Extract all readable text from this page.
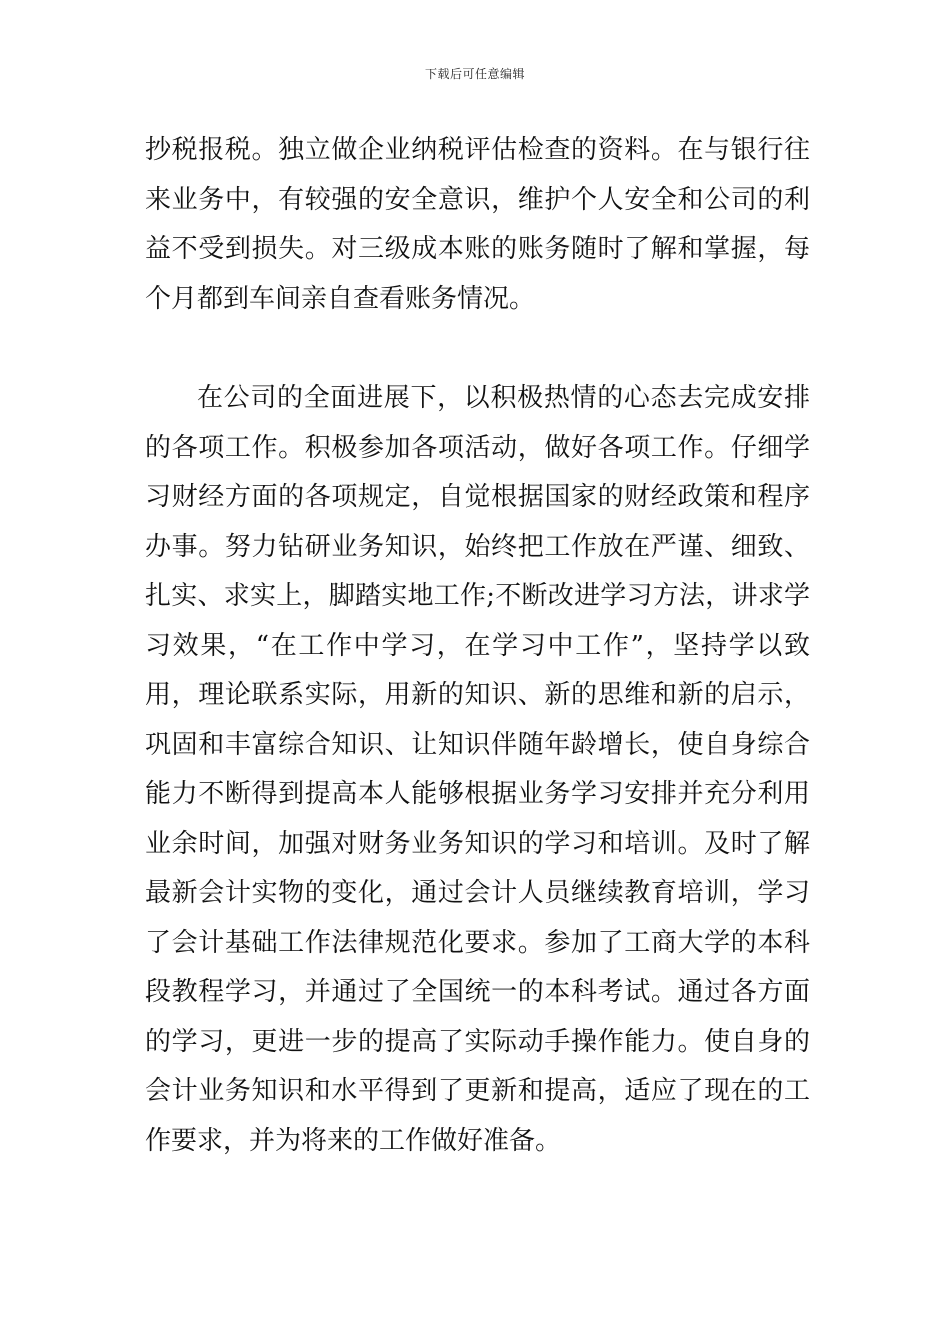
下载后可任意编辑

抄税报税。独立做企业纳税评估检查的资料。在与银行往来业务中，有较强的安全意识，维护个人安全和公司的利益不受到损失。对三级成本账的账务随时了解和掌握，每个月都到车间亲自查看账务情况。

在公司的全面进展下，以积极热情的心态去完成安排的各项工作。积极参加各项活动，做好各项工作。仔细学习财经方面的各项规定，自觉根据国家的财经政策和程序办事。努力钻研业务知识，始终把工作放在严谨、细致、扎实、求实上，脚踏实地工作;不断改进学习方法，讲求学习效果，“在工作中学习，在学习中工作”，坚持学以致用，理论联系实际，用新的知识、新的思维和新的启示，巩固和丰富综合知识、让知识伴随年龄增长，使自身综合能力不断得到提高本人能够根据业务学习安排并充分利用业余时间，加强对财务业务知识的学习和培训。及时了解最新会计实物的变化，通过会计人员继续教育培训，学习了会计基础工作法律规范化要求。参加了工商大学的本科段教程学习，并通过了全国统一的本科考试。通过各方面的学习，更进一步的提高了实际动手操作能力。使自身的会计业务知识和水平得到了更新和提高，适应了现在的工作要求，并为将来的工作做好准备。
